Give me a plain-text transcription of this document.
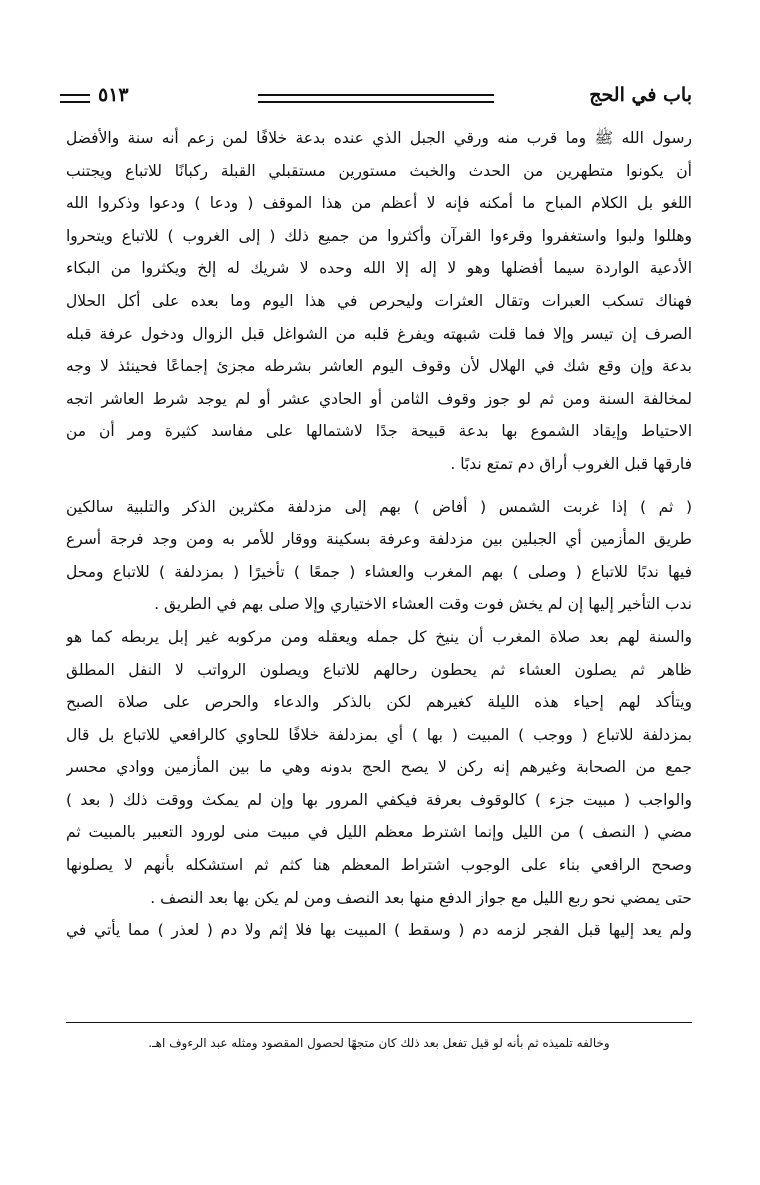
باب في الحج
٥١٣
رسول الله ﷺ وما قرب منه ورقي الجبل الذي عنده بدعة خلافًا لمن زعم أنه سنة والأفضل
أن يكونوا متطهرين من الحدث والخبث مستورين مستقبلي القبلة ركبانًا للاتباع ويجتنب
اللغو بل الكلام المباح ما أمكنه فإنه لا أعظم من هذا الموقف ( ودعا ) ودعوا وذكروا الله
وهللوا ولبوا واستغفروا وقرءوا القرآن وأكثروا من جميع ذلك ( إلى الغروب ) للاتباع ويتحروا
الأدعية الواردة سيما أفضلها وهو لا إله إلا الله وحده لا شريك له إلخ ويكثروا من البكاء
فهناك تسكب العبرات وتقال العثرات وليحرص في هذا اليوم وما بعده على أكل الحلال
الصرف إن تيسر وإلا فما قلت شبهته ويفرغ قلبه من الشواغل قبل الزوال ودخول عرفة قبله
بدعة وإن وقع شك في الهلال لأن وقوف اليوم العاشر بشرطه مجزئ إجماعًا فحينئذ لا وجه
لمخالفة السنة ومن ثم لو جوز وقوف الثامن أو الحادي عشر أو لم يوجد شرط العاشر اتجه
الاحتياط وإيقاد الشموع بها بدعة قبيحة جدًا لاشتمالها على مفاسد كثيرة ومر أن من
فارقها قبل الغروب أراق دم تمتع ندبًا .
( ثم ) إذا غربت الشمس ( أفاض ) بهم إلى مزدلفة مكثرين الذكر والتلبية سالكين
طريق المأزمين أي الجبلين بين مزدلفة وعرفة بسكينة ووقار للأمر به ومن وجد فرجة أسرع
فيها ندبًا للاتباع ( وصلى ) بهم المغرب والعشاء ( جمعًا ) تأخيرًا ( بمزدلفة ) للاتباع ومحل
ندب التأخير إليها إن لم يخش فوت وقت العشاء الاختياري وإلا صلى بهم في الطريق .
والسنة لهم بعد صلاة المغرب أن ينيخ كل جمله ويعقله ومن مركوبه غير إبل يربطه كما هو
ظاهر ثم يصلون العشاء ثم يحطون رحالهم للاتباع ويصلون الرواتب لا النفل المطلق
ويتأكد لهم إحياء هذه الليلة كغيرهم لكن بالذكر والدعاء والحرص على صلاة الصبح
بمزدلفة للاتباع ( ووجب ) المبيت ( بها ) أي بمزدلفة خلافًا للحاوي كالرافعي للاتباع بل قال
جمع من الصحابة وغيرهم إنه ركن لا يصح الحج بدونه وهي ما بين المأزمين ووادي محسر
والواجب ( مبيت جزء ) كالوقوف بعرفة فيكفي المرور بها وإن لم يمكث ووقت ذلك ( بعد )
مضي ( النصف ) من الليل وإنما اشترط معظم الليل في مبيت منى لورود التعبير بالمبيت ثم
وصحح الرافعي بناء على الوجوب اشتراط المعظم هنا كثم ثم استشكله بأنهم لا يصلونها
حتى يمضي نحو ربع الليل مع جواز الدفع منها بعد النصف ومن لم يكن بها بعد النصف .
ولم يعد إليها قبل الفجر لزمه دم ( وسقط ) المبيت بها فلا إثم ولا دم ( لعذر ) مما يأتي في
وخالفه تلميذه ثم بأنه لو قيل تفعل بعد ذلك كان متجهًا لحصول المقصود ومثله عبد الرءوف اهـ.
